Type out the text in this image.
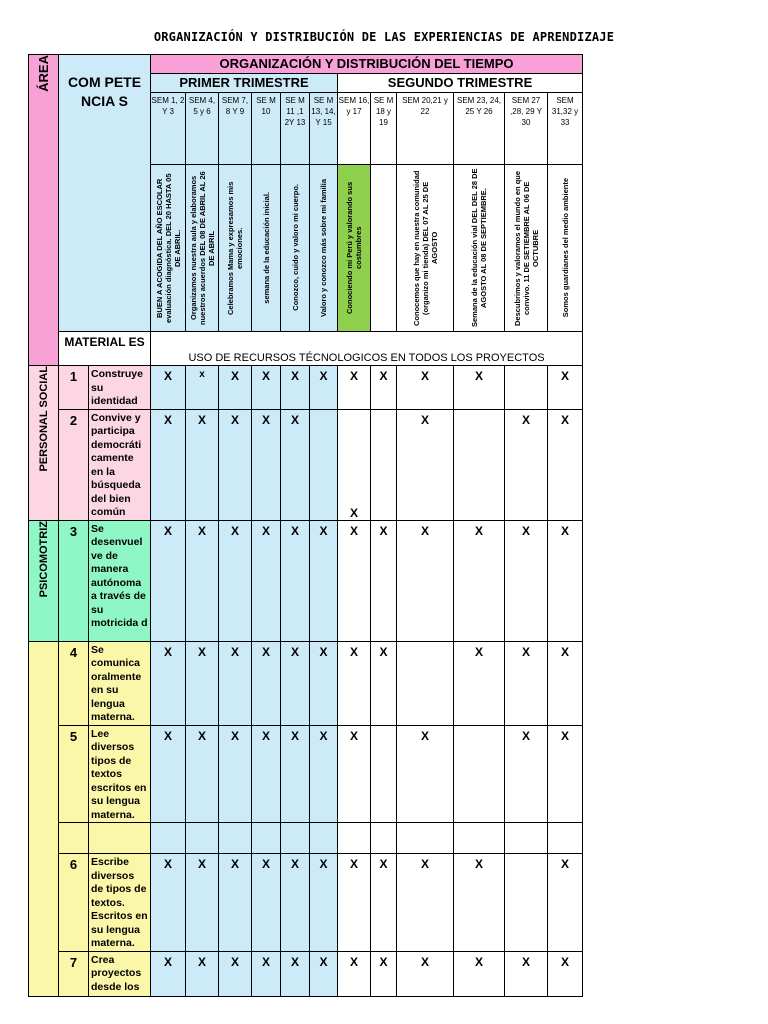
ORGANIZACIÓN Y DISTRIBUCIÓN DE LAS EXPERIENCIAS DE APRENDIZAJE
ÁREA	COM PETE NCIA S		ORGANIZACIÓN Y DISTRIBUCIÓN DEL TIEMPO											
			PRIMER TRIMESTRE						SEGUNDO TRIMESTRE					
			SEM 1, 2 Y 3	SEM 4, 5 y 6	SEM 7, 8 Y 9	SE M 10	SE M 11 ,1 2Y 13	SE M 13, 14, Y 15	SEM 16, y 17	SE M 18 y 19	SEM 20,21 y 22	SEM 23, 24, 25 Y 26	SEM 27 ,28, 29 Y 30	SEM 31,32 y 33

			BUEN A ACOGIDA DEL AÑO ESCOLAR evaluación diagnóstica. DEL 20 HASTA 05 DE ABRIL.	Organizamos nuestra aula y elaboramos nuestros acuerdos DEL 08 DE ABRIL AL 26 DE ABRIL	Celebramos Mama y expresamos mis emociones.	semana de la educación inicial.	Conozco, cuido y valoro mi cuerpo.	Valoro y conozco más sobre mi familia	Conociendo mi Perú y valorando sus costumbres		Conocemos que hay en nuestra comunidad (organizo mi tienda) DEL 07 AL 25 DE AGOSTO	Semana de la educación vial DEL DEL 28 DE AGOSTO AL 08 DE SEPTIEMBRE.	Descubrimos y valoramos el mundo en que convivo. 11 DE SETIEMBRE AL 06 DE OCTUBRE	Somos guardianes del medio ambiente

	MATERIAL ES		USO DE RECURSOS TÉCNOLOGICOS EN TODOS LOS PROYECTOS											

PERSONAL SOCIAL	1	Construye su identidad	X	x	X	X	X	X	X	X	X	X		X
	2	Convive y participa democráti camente en la búsqueda del bien común	X	X	X	X	X		X		X		X	X

PSICOMOTRIZ	3	Se desenvuel ve de manera autónoma a través de su motricida d	X	X	X	X	X	X	X	X	X	X	X	X

	4	Se comunica oralmente en su lengua materna.	X	X	X	X	X	X	X	X		X	X	X
	5	Lee diversos tipos de textos escritos en su lengua materna.	X	X	X	X	X	X	X		X		X	X

	6	Escribe diversos de tipos de textos. Escritos en su lengua materna.	X	X	X	X	X	X	X	X	X	X		X
	7	Crea proyectos desde los	X	X	X	X	X	X	X	X	X	X	X	X
